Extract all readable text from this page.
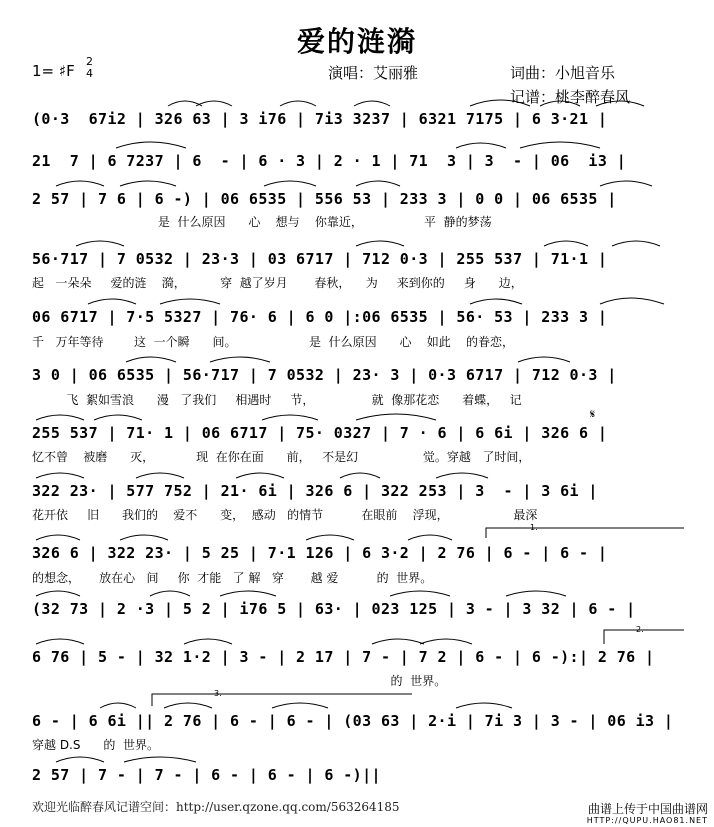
爱的涟漪
1= ♯F
2
4	演唱：艾丽雅	词曲：小旭音乐
记谱：桃李醉春风
(0·3  67i2 | 326 63 | 3 i76 | 7i3 3237 | 6321 7175 | 6 3·21 |
21  7 | 6 7237 | 6  - | 6 · 3 | 2 · 1 | 71  3 | 3  - | 06  i3 |
2 57 | 7 6 | 6 -) | 06 6535 | 556 53 | 233 3 | 0 0 | 06 6535 |
是  什么原因      心    想与    你靠近，                平  静的梦荡
56·717 | 7 0532 | 23·3 | 03 6717 | 712 0·3 | 255 537 | 71·1 |
起   一朵朵     爱的涟    漪，         穿  越了岁月       春秋，    为     来到你的     身      边，
06 6717 | 7·5 5327 | 76· 6 | 6 0 |:06 6535 | 56· 53 | 233 3 |
千   万年等待        这  一个瞬      间。                   是  什么原因      心    如此    的眷恋，
3 0 | 06 6535 | 56·717 | 7 0532 | 23· 3 | 0·3 6717 | 712 0·3 |
飞  絮如雪浪      漫   了我们     相遇时     节，               就  像那花恋      着蝶，   记
255 537 | 71· 1 | 06 6717 | 75· 0327 | 7 · 6 | 6 6i | 326 6 |
忆不曾    被磨      灭，           现  在你在面      前，   不是幻                 觉。穿越   了时间，
322 23· | 577 752 | 21· 6i | 326 6 | 322 253 | 3  - | 3 6i |
花开依     旧      我们的    爱不      变，  感动   的情节          在眼前    浮现，                 最深
326 6 | 322 23· | 5 25 | 7·1 126 | 6 3·2 | 2 76 | 6 - | 6 - |
的想念，     放在心   间     你  才能   了 解   穿       越 爱          的  世界。
(32 73 | 2 ·3 | 5 2 | i76 5 | 63· | 023 125 | 3 - | 3 32 | 6 - |
6 76 | 5 - | 32 1·2 | 3 - | 2 17 | 7 - | 7 2 | 6 - | 6 -):| 2 76 |
的  世界。
6 - | 6 6i || 2 76 | 6 - | 6 - | (03 63 | 2·i | 7i 3 | 3 - | 06 i3 |
穿越 D.S      的  世界。
2 57 | 7 - | 7 - | 6 - | 6 - | 6 -)||
1.
2.
3.
𝄋
欢迎光临醉春风记谱空间：http://user.qzone.qq.com/563264185	曲谱上传于中国曲谱网
HTTP://QUPU.HAO81.NET
